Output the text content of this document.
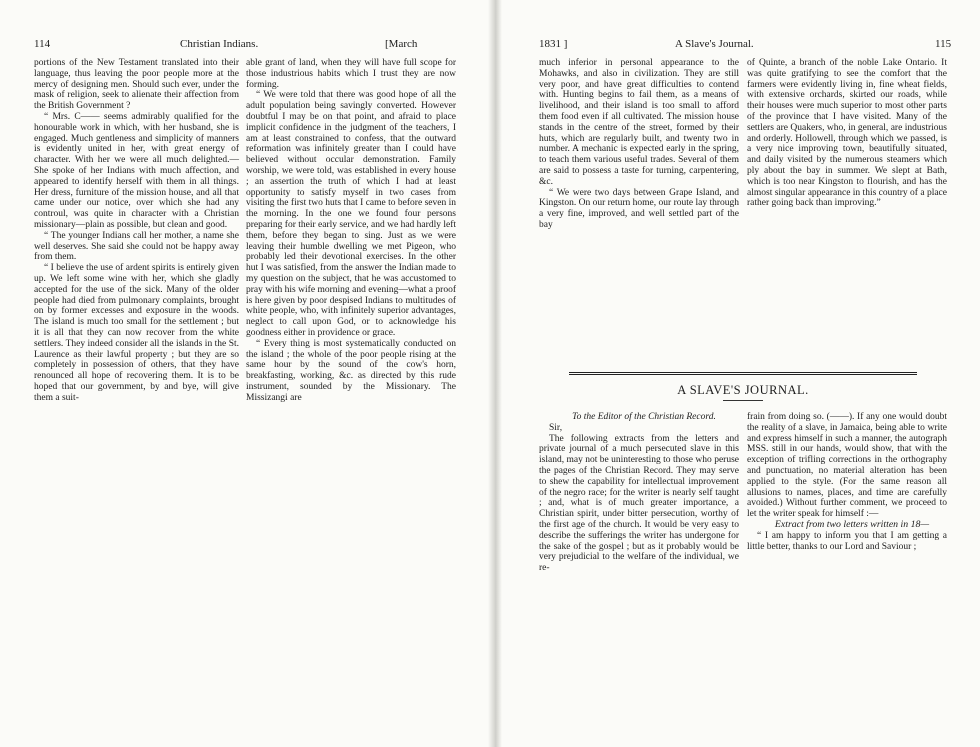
114	Christian Indians.	[March

portions of the New Testament translated into their language, thus leaving the poor people more at the mercy of designing men. Should such ever, under the mask of religion, seek to alienate their affection from the British Government ?

“ Mrs. C—— seems admirably qualified for the honourable work in which, with her husband, she is engaged. Much gentleness and simplicity of manners is evidently united in her, with great energy of character. With her we were all much delighted.— She spoke of her Indians with much affection, and appeared to identify herself with them in all things. Her dress, furniture of the mission house, and all that came under our notice, over which she had any controul, was quite in character with a Christian missionary—plain as possible, but clean and good.

“ The younger Indians call her mother, a name she well deserves. She said she could not be happy away from them.

“ I believe the use of ardent spirits is entirely given up. We left some wine with her, which she gladly accepted for the use of the sick. Many of the older people had died from pulmonary complaints, brought on by former excesses and exposure in the woods. The island is much too small for the settlement ; but it is all that they can now recover from the white settlers. They indeed consider all the islands in the St. Laurence as their lawful property ; but they are so completely in possession of others, that they have renounced all hope of recovering them. It is to be hoped that our government, by and bye, will give them a suit-

able grant of land, when they will have full scope for those industrious habits which I trust they are now forming.

“ We were told that there was good hope of all the adult population being savingly converted. However doubtful I may be on that point, and afraid to place implicit confidence in the judgment of the teachers, I am at least constrained to confess, that the outward reformation was infinitely greater than I could have believed without occular demonstration. Family worship, we were told, was established in every house ; an assertion the truth of which I had at least opportunity to satisfy myself in two cases from visiting the first two huts that I came to before seven in the morning. In the one we found four persons preparing for their early service, and we had hardly left them, before they began to sing. Just as we were leaving their humble dwelling we met Pigeon, who probably led their devotional exercises. In the other hut I was satisfied, from the answer the Indian made to my question on the subject, that he was accustomed to pray with his wife morning and evening—what a proof is here given by poor despised Indians to multitudes of white people, who, with infinitely superior advantages, neglect to call upon God, or to acknowledge his goodness either in providence or grace.

“ Every thing is most systematically conducted on the island ; the whole of the poor people rising at the same hour by the sound of the cow's horn, breakfasting, working, &c. as directed by this rude instrument, sounded by the Missionary. The Missizangi are

1831 ]	A Slave's Journal.	115

much inferior in personal appearance to the Mohawks, and also in civilization. They are still very poor, and have great difficulties to contend with. Hunting begins to fail them, as a means of livelihood, and their island is too small to afford them food even if all cultivated. The mission house stands in the centre of the street, formed by their huts, which are regularly built, and twenty two in number. A mechanic is expected early in the spring, to teach them various useful trades. Several of them are said to possess a taste for turning, carpentering, &c.

“ We were two days between Grape Island, and Kingston. On our return home, our route lay through a very fine, improved, and well settled part of the bay

of Quinte, a branch of the noble Lake Ontario. It was quite gratifying to see the comfort that the farmers were evidently living in, fine wheat fields, with extensive orchards, skirted our roads, while their houses were much superior to most other parts of the province that I have visited. Many of the settlers are Quakers, who, in general, are industrious and orderly. Hollowell, through which we passed, is a very nice improving town, beautifully situated, and daily visited by the numerous steamers which ply about the bay in summer. We slept at Bath, which is too near Kingston to flourish, and has the almost singular appearance in this country of a place rather going back than improving.”

A SLAVE'S JOURNAL.

To the Editor of the Christian Record.

Sir,

The following extracts from the letters and private journal of a much persecuted slave in this island, may not be uninteresting to those who peruse the pages of the Christian Record. They may serve to shew the capability for intellectual improvement of the negro race; for the writer is nearly self taught ; and, what is of much greater importance, a Christian spirit, under bitter persecution, worthy of the first age of the church. It would be very easy to describe the sufferings the writer has undergone for the sake of the gospel ; but as it probably would be very prejudicial to the welfare of the individual, we re-

frain from doing so. (——). If any one would doubt the reality of a slave, in Jamaica, being able to write and express himself in such a manner, the autograph MSS. still in our hands, would show, that with the exception of trifling corrections in the orthography and punctuation, no material alteration has been applied to the style. (For the same reason all allusions to names, places, and time are carefully avoided.) Without further comment, we proceed to let the writer speak for himself :—

Extract from two letters written in 18—

“ I am happy to inform you that I am getting a little better, thanks to our Lord and Saviour ;
